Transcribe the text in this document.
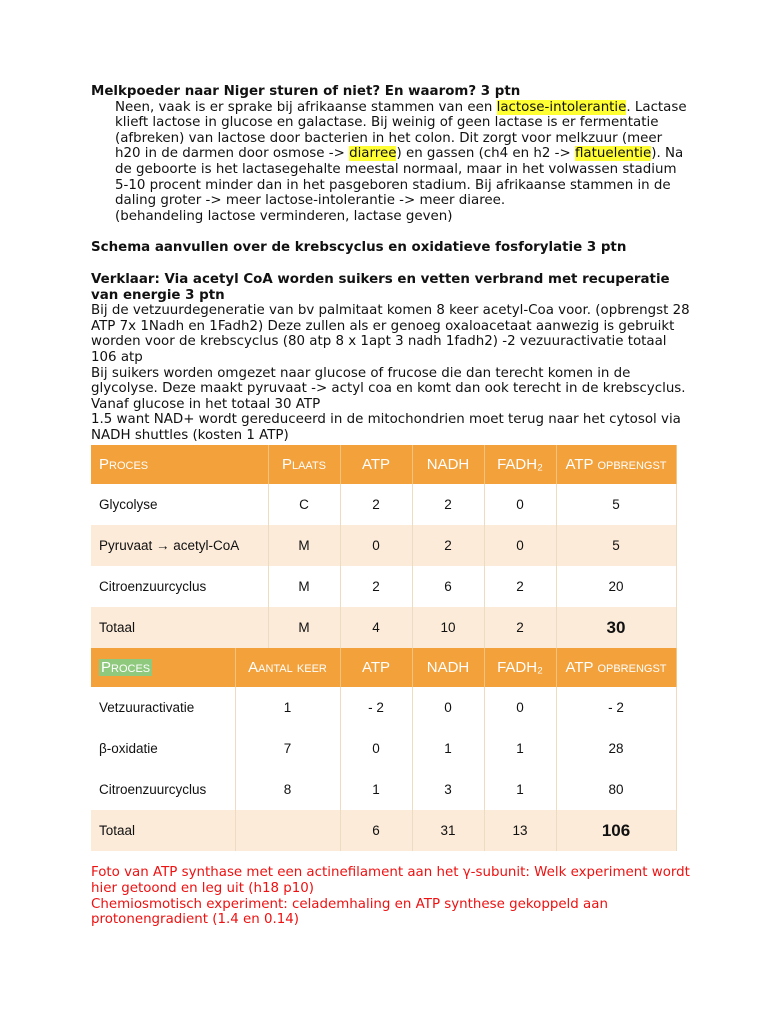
Melkpoeder naar Niger sturen of niet? En waarom? 3 ptn

Neen, vaak is er sprake bij afrikaanse stammen van een lactose-intolerantie. Lactase klieft lactose in glucose en galactase. Bij weinig of geen lactase is er fermentatie (afbreken) van lactose door bacterien in het colon. Dit zorgt voor melkzuur (meer h20 in de darmen door osmose -> diarree) en gassen (ch4 en h2 -> flatuelentie). Na de geboorte is het lactasegehalte meestal normaal, maar in het volwassen stadium 5-10 procent minder dan in het pasgeboren stadium. Bij afrikaanse stammen in de daling groter -> meer lactose-intolerantie -> meer diaree.

(behandeling lactose verminderen, lactase geven)

Schema aanvullen over de krebscyclus en oxidatieve fosforylatie 3 ptn

Verklaar: Via acetyl CoA worden suikers en vetten verbrand met recuperatie van energie 3 ptn

Bij de vetzuurdegeneratie van bv palmitaat komen 8 keer acetyl-Coa voor. (opbrengst 28 ATP 7x 1Nadh en 1Fadh2) Deze zullen als er genoeg oxaloacetaat aanwezig is gebruikt worden voor de krebscyclus (80 atp 8 x 1apt 3 nadh 1fadh2) -2 vezuuractivatie totaal 106 atp

Bij suikers worden omgezet naar glucose of frucose die dan terecht komen in de glycolyse. Deze maakt pyruvaat -> actyl coa en komt dan ook terecht in de krebscyclus. Vanaf glucose in het totaal 30 ATP

1.5 want NAD+ wordt gereduceerd in de mitochondrien moet terug naar het cytosol via NADH shuttles (kosten 1 ATP)

Proces	Plaats	ATP	NADH	FADH₂	ATP opbrengst
Glycolyse	C	2	2	0	5
Pyruvaat → acetyl-CoA	M	0	2	0	5
Citroenzuurcyclus	M	2	6	2	20
Totaal	M	4	10	2	30
Proces	Aantal keer	ATP	NADH	FADH₂	ATP opbrengst
Vetzuuractivatie	1	- 2	0	0	- 2
β-oxidatie	7	0	1	1	28
Citroenzuurcyclus	8	1	3	1	80
Totaal		6	31	13	106

Foto van ATP synthase met een actinefilament aan het γ-subunit: Welk experiment wordt hier getoond en leg uit (h18 p10)

Chemiosmotisch experiment: celademhaling en ATP synthese gekoppeld aan protonengradient (1.4 en 0.14)
